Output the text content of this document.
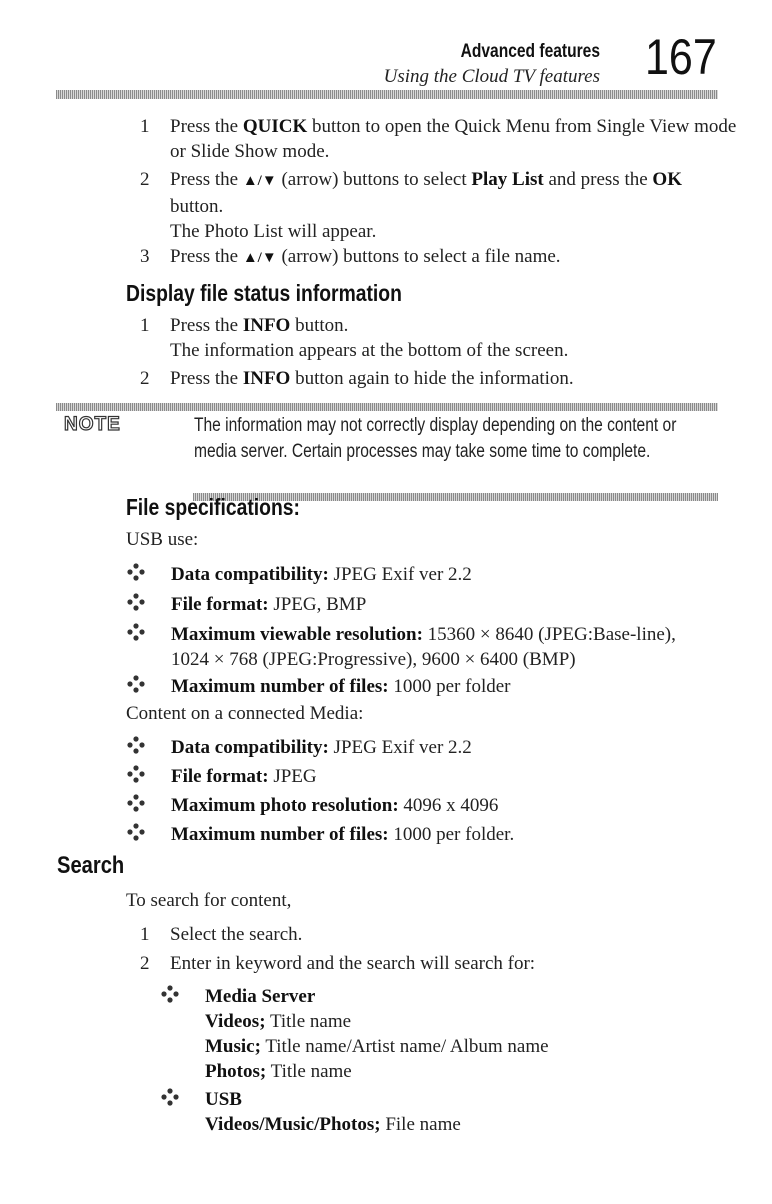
Advanced features
Using the Cloud TV features 167
1	Press the QUICK button to open the Quick Menu from Single View mode or Slide Show mode.

2	Press the ▲/▼ (arrow) buttons to select Play List and press the OK button.

The Photo List will appear.

3	Press the ▲/▼ (arrow) buttons to select a file name.

Display file status information
1	Press the INFO button.

The information appears at the bottom of the screen.

2	Press the INFO button again to hide the information.

NOTE	The information may not correctly display depending on the content or

media server. Certain processes may take some time to complete.

File specifications:
USB use:

Data compatibility: JPEG Exif ver 2.2

File format: JPEG, BMP

Maximum viewable resolution: 15360 × 8640 (JPEG:Base-line),

1024 × 768 (JPEG:Progressive), 9600 × 6400 (BMP)

Maximum number of files: 1000 per folder

Content on a connected Media:

Data compatibility: JPEG Exif ver 2.2

File format: JPEG

Maximum photo resolution: 4096 x 4096

Maximum number of files: 1000 per folder.

Search
To search for content,
1	Select the search.

2	Enter in keyword and the search will search for:

Media Server

Videos; Title name

Music; Title name/Artist name/ Album name

Photos; Title name

USB

Videos/Music/Photos; File name
